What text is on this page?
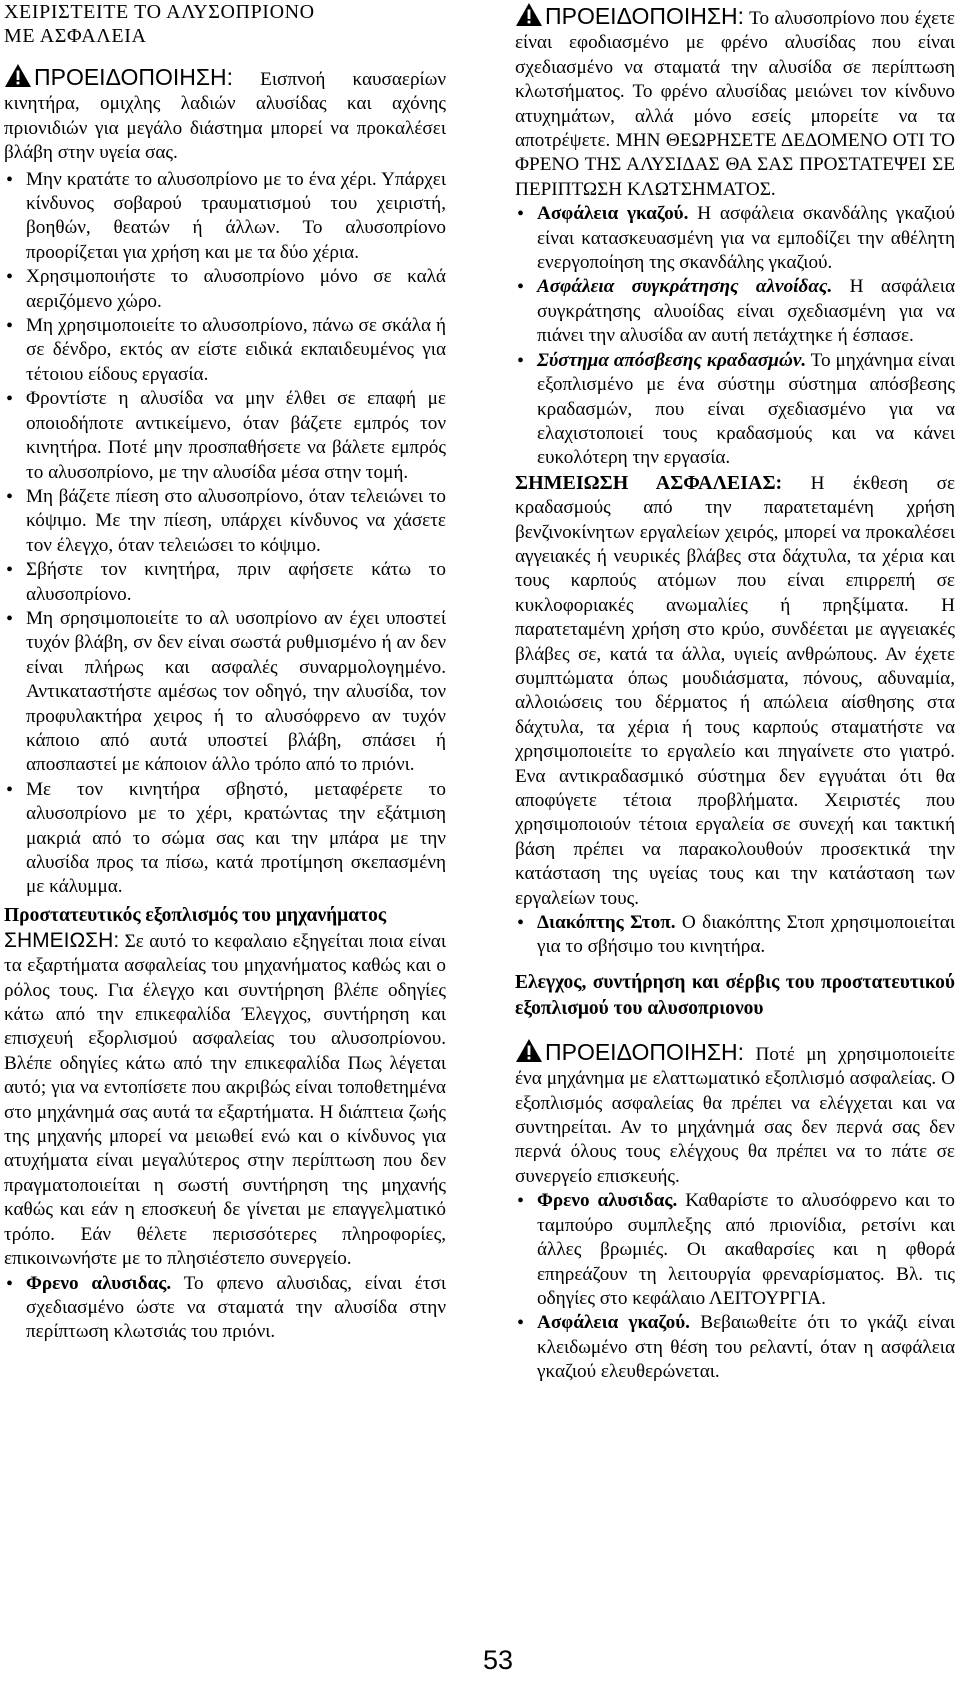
ΧΕΙΡΙΣΤΕΙΤΕ ΤΟ ΑΛΥΣΟΠΡΙΟΝΟ
ΜΕ ΑΣΦΑΛΕΙΑ

ΠΡΟΕΙΔΟΠΟΙΗΣΗ: Εισπνοή καυσαερίων κινητήρα, ομιχλης λαδιών αλυσίδας και αχόνης πριονιδιών για μεγάλο διάστημα μπορεί να προκαλέσει βλάβη στην υγεία σας.

• Μην κρατάτε το αλυσοπρίονο με το ένα χέρι. Υπάρχει κίνδυνος σοβαρού τραυματισμού του χειριστή, βοηθών, θεατών ή άλλων. Το αλυσοπρίονο προορίζεται για χρήση και με τα δύο χέρια.
• Χρησιμοποιήστε το αλυσοπρίονο μόνο σε καλά αεριζόμενο χώρο.
• Μη χρησιμοποιείτε το αλυσοπρίονο, πάνω σε σκάλα ή σε δένδρο, εκτός αν είστε ειδικά εκπαιδευμένος για τέτοιου είδους εργασία.
• Φροντίστε η αλυσίδα να μην έλθει σε επαφή με οποιοδήποτε αντικείμενο, όταν βάζετε εμπρός τον κινητήρα. Ποτέ μην προσπαθήσετε να βάλετε εμπρός το αλυσοπρίονο, με την αλυσίδα μέσα στην τομή.
• Μη βάζετε πίεση στο αλυσοπρίονο, όταν τελειώνει το κόψιμο. Με την πίεση, υπάρχει κίνδυνος να χάσετε τον έλεγχο, όταν τελειώσει το κόψιμο.
• Σβήστε τον κινητήρα, πριν αφήσετε κάτω το αλυσοπρίονο.
• Μη σρησιμοποιείτε το αλ υσοπρίονο αν έχει υποστεί τυχόν βλάβη, σν δεν είναι σωστά ρυθμισμένο ή αν δεν είναι πλήρως και ασφαλές συναρμολογημένο. Αντικαταστήστε αμέσως τον οδηγό, την αλυσίδα, τον προφυλακτήρα χειρος ή το αλυσόφρενο αν τυχόν κάποιο από αυτά υποστεί βλάβη, σπάσει ή αποσπαστεί με κάποιον άλλο τρόπο από το πριόνι.
• Με τον κινητήρα σβηστό, μεταφέρετε το αλυσοπρίονο με το χέρι, κρατώντας την εξάτμιση μακριά από το σώμα σας και την μπάρα με την αλυσίδα προς τα πίσω, κατά προτίμηση σκεπασμένη με κάλυμμα.

Προστατευτικός εξοπλισμός του μηχανήματος

ΣΗΜΕΙΩΣΗ: Σε αυτό το κεφαλαιο εξηγείται ποια είναι τα εξαρτήματα ασφαλείας του μηχανήματος καθώς και ο ρόλος τους. Για έλεγχο και συντήρηση βλέπε οδηγίες κάτω από την επικεφαλίδα Έλεγχος, συντήρηση και επισχευή εξορλισμού ασφαλείας του αλυσοπρίονου. Βλέπε οδηγίες κάτω από την επικεφαλίδα Πως λέγεται αυτό; για να εντοπίσετε που ακριβώς είναι τοποθετημένα στο μηχάνημά σας αυτά τα εξαρτήματα. Η διάπτεια ζωής της μηχανής μπορεί να μειωθεί ενώ και ο κίνδυνος για ατυχήματα είναι μεγαλύτερος στην περίπτωση που δεν πραγματοποιείται η σωστή συντήρηση της μηχανής καθώς και εάν η εποσκευή δε γίνεται με επαγγελματικό τρόπο. Εάν θέλετε περισσότερες πληροφορίες, επικοινωνήστε με το πλησιέστεπο συνεργείο.

• Φρενο αλυσιδας. Το φπενο αλυσιδας, είναι έτσι σχεδιασμένο ώστε να σταματά την αλυσίδα στην περίπτωση κλωτσιάς του πριόνι.

ΠΡΟΕΙΔΟΠΟΙΗΣΗ: Το αλυσοπρίονο που έχετε είναι εφοδιασμένο με φρένο αλυσίδας που είναι σχεδιασμένο να σταματά την αλυσίδα σε περίπτωση κλωτσήματος. Το φρένο αλυσίδας μειώνει τον κίνδυνο ατυχημάτων, αλλά μόνο εσείς μπορείτε να τα αποτρέψετε. ΜΗΝ ΘΕΩΡΗΣΕΤΕ ΔΕΔΟΜΕΝΟ ΟΤΙ ΤΟ ΦΡΕΝΟ ΤΗΣ ΑΛΥΣΙΔΑΣ ΘΑ ΣΑΣ ΠΡΟΣΤΑΤΕΨΕΙ ΣΕ ΠΕΡΙΠΤΩΣΗ ΚΛΩΤΣΗΜΑΤΟΣ.

• Ασφάλεια γκαζού. Η ασφάλεια σκανδάλης γκαζιού είναι κατασκευασμένη για να εμποδίζει την αθέλητη ενεργοποίηση της σκανδάλης γκαζιού.
• Ασφάλεια συγκράτησης αλνοίδας. Η ασφάλεια συγκράτησης αλυοίδας είναι σχεδιασμένη για να πιάνει την αλυσίδα αν αυτή πετάχτηκε ή έσπασε.
• Σύστημα απόσβεσης κραδασμών. Το μηχάνημα είναι εξοπλισμένο με ένα σύστημ σύστημα απόσβεσης κραδασμών, που είναι σχεδιασμένο για να ελαχιστοποιεί τους κραδασμούς και να κάνει ευκολότερη την εργασία.

ΣΗΜΕΙΩΣΗ ΑΣΦΑΛΕΙΑΣ: Η έκθεση σε κραδασμούς από την παρατεταμένη χρήση βενζινοκίνητων εργαλείων χειρός, μπορεί να προκαλέσει αγγειακές ή νευρικές βλάβες στα δάχτυλα, τα χέρια και τους καρπούς ατόμων που είναι επιρρεπή σε κυκλοφοριακές ανωμαλίες ή πρηξίματα. Η παρατεταμένη χρήση στο κρύο, συνδέεται με αγγειακές βλάβες σε, κατά τα άλλα, υγιείς ανθρώπους. Αν έχετε συμπτώματα όπως μουδιάσματα, πόνους, αδυναμία, αλλοιώσεις του δέρματος ή απώλεια αίσθησης στα δάχτυλα, τα χέρια ή τους καρπούς σταματήστε να χρησιμοποιείτε το εργαλείο και πηγαίνετε στο γιατρό. Ενα αντικραδασμικό σύστημα δεν εγγυάται ότι θα αποφύγετε τέτοια προβλήματα. Χειριστές που χρησιμοποιούν τέτοια εργαλεία σε συνεχή και τακτική βάση πρέπει να παρακολουθούν προσεκτικά την κατάσταση της υγείας τους και την κατάσταση των εργαλείων τους.

• Διακόπτης Στοπ. Ο διακόπτης Στοπ χρησιμοποιείται για το σβήσιμο του κινητήρα.

Ελεγχος, συντήρηση και σέρβις του προστατευτικού εξοπλισμού του αλυσοπριονου

ΠΡΟΕΙΔΟΠΟΙΗΣΗ: Ποτέ μη χρησιμοποιείτε ένα μηχάνημα με ελαττωματικό εξοπλισμό ασφαλείας. Ο εξοπλισμός ασφαλείας θα πρέπει να ελέγχεται και να συντηρείται. Αν το μηχάνημά σας δεν περνά σας δεν περνά όλους τους ελέγχους θα πρέπει να το πάτε σε συνεργείο επισκευής.

• Φρενο αλυσιδας. Καθαρίστε το αλυσόφρενο και το ταμπούρο συμπλεξης από πριονίδια, ρετσίνι και άλλες βρωμιές. Οι ακαθαρσίες και η φθορά επηρεάζουν τη λειτουργία φρεναρίσματος. Βλ. τις οδηγίες στο κεφάλαιο ΛΕΙΤΟΥΡΓΙΑ.
• Ασφάλεια γκαζού. Βεβαιωθείτε ότι το γκάζι είναι κλειδωμένο στη θέση του ρελαντί, όταν η ασφάλεια γκαζιού ελευθερώνεται.
53
